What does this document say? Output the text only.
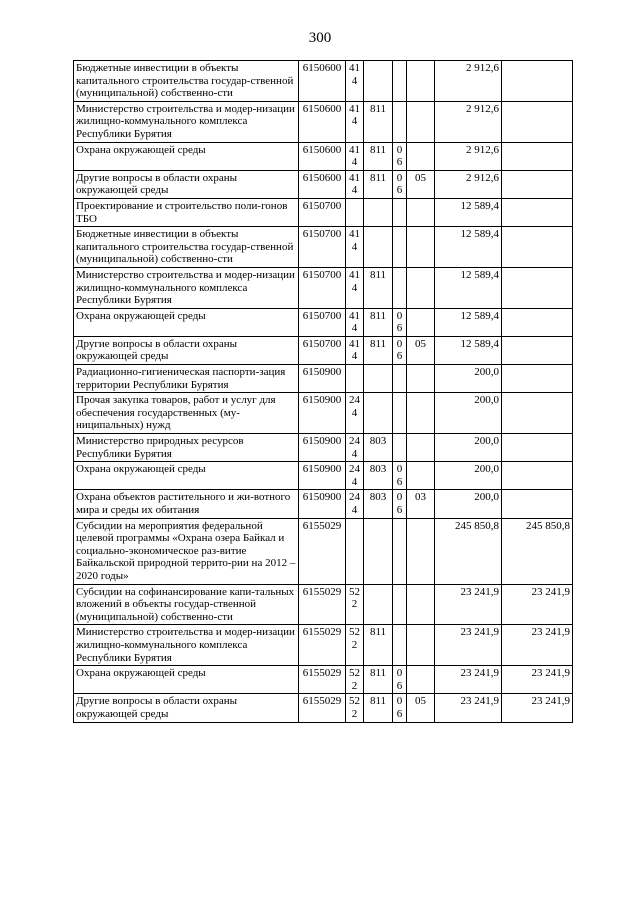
300
Бюджетные инвестиции в объекты капитального строительства государ-ственной (муниципальной) собственно-сти	6150600	414				2 912,6	
Министерство строительства и модер-низации жилищно-коммунального комплекса Республики Бурятия	6150600	414	811			2 912,6	
Охрана окружающей среды	6150600	414	811	06		2 912,6	
Другие вопросы в области охраны окружающей среды	6150600	414	811	06	05	2 912,6	
Проектирование и строительство поли-гонов ТБО	6150700					12 589,4	
Бюджетные инвестиции в объекты капитального строительства государ-ственной (муниципальной) собственно-сти	6150700	414				12 589,4	
Министерство строительства и модер-низации жилищно-коммунального комплекса Республики Бурятия	6150700	414	811			12 589,4	
Охрана окружающей среды	6150700	414	811	06		12 589,4	
Другие вопросы в области охраны окружающей среды	6150700	414	811	06	05	12 589,4	
Радиационно-гигиеническая паспорти-зация территории Республики Бурятия	6150900					200,0	
Прочая закупка товаров, работ и услуг для обеспечения государственных (му-ниципальных) нужд	6150900	244				200,0	
Министерство природных ресурсов Республики Бурятия	6150900	244	803			200,0	
Охрана окружающей среды	6150900	244	803	06		200,0	
Охрана объектов растительного и жи-вотного мира и среды их обитания	6150900	244	803	06	03	200,0	
Субсидии на мероприятия федеральной целевой программы «Охрана озера Байкал и социально-экономическое раз-витие Байкальской природной террито-рии на 2012 – 2020 годы»	6155029					245 850,8	245 850,8
Субсидии на софинансирование капи-тальных вложений в объекты государ-ственной (муниципальной) собственно-сти	6155029	522				23 241,9	23 241,9
Министерство строительства и модер-низации жилищно-коммунального комплекса Республики Бурятия	6155029	522	811			23 241,9	23 241,9
Охрана окружающей среды	6155029	522	811	06		23 241,9	23 241,9
Другие вопросы в области охраны окружающей среды	6155029	522	811	06	05	23 241,9	23 241,9
